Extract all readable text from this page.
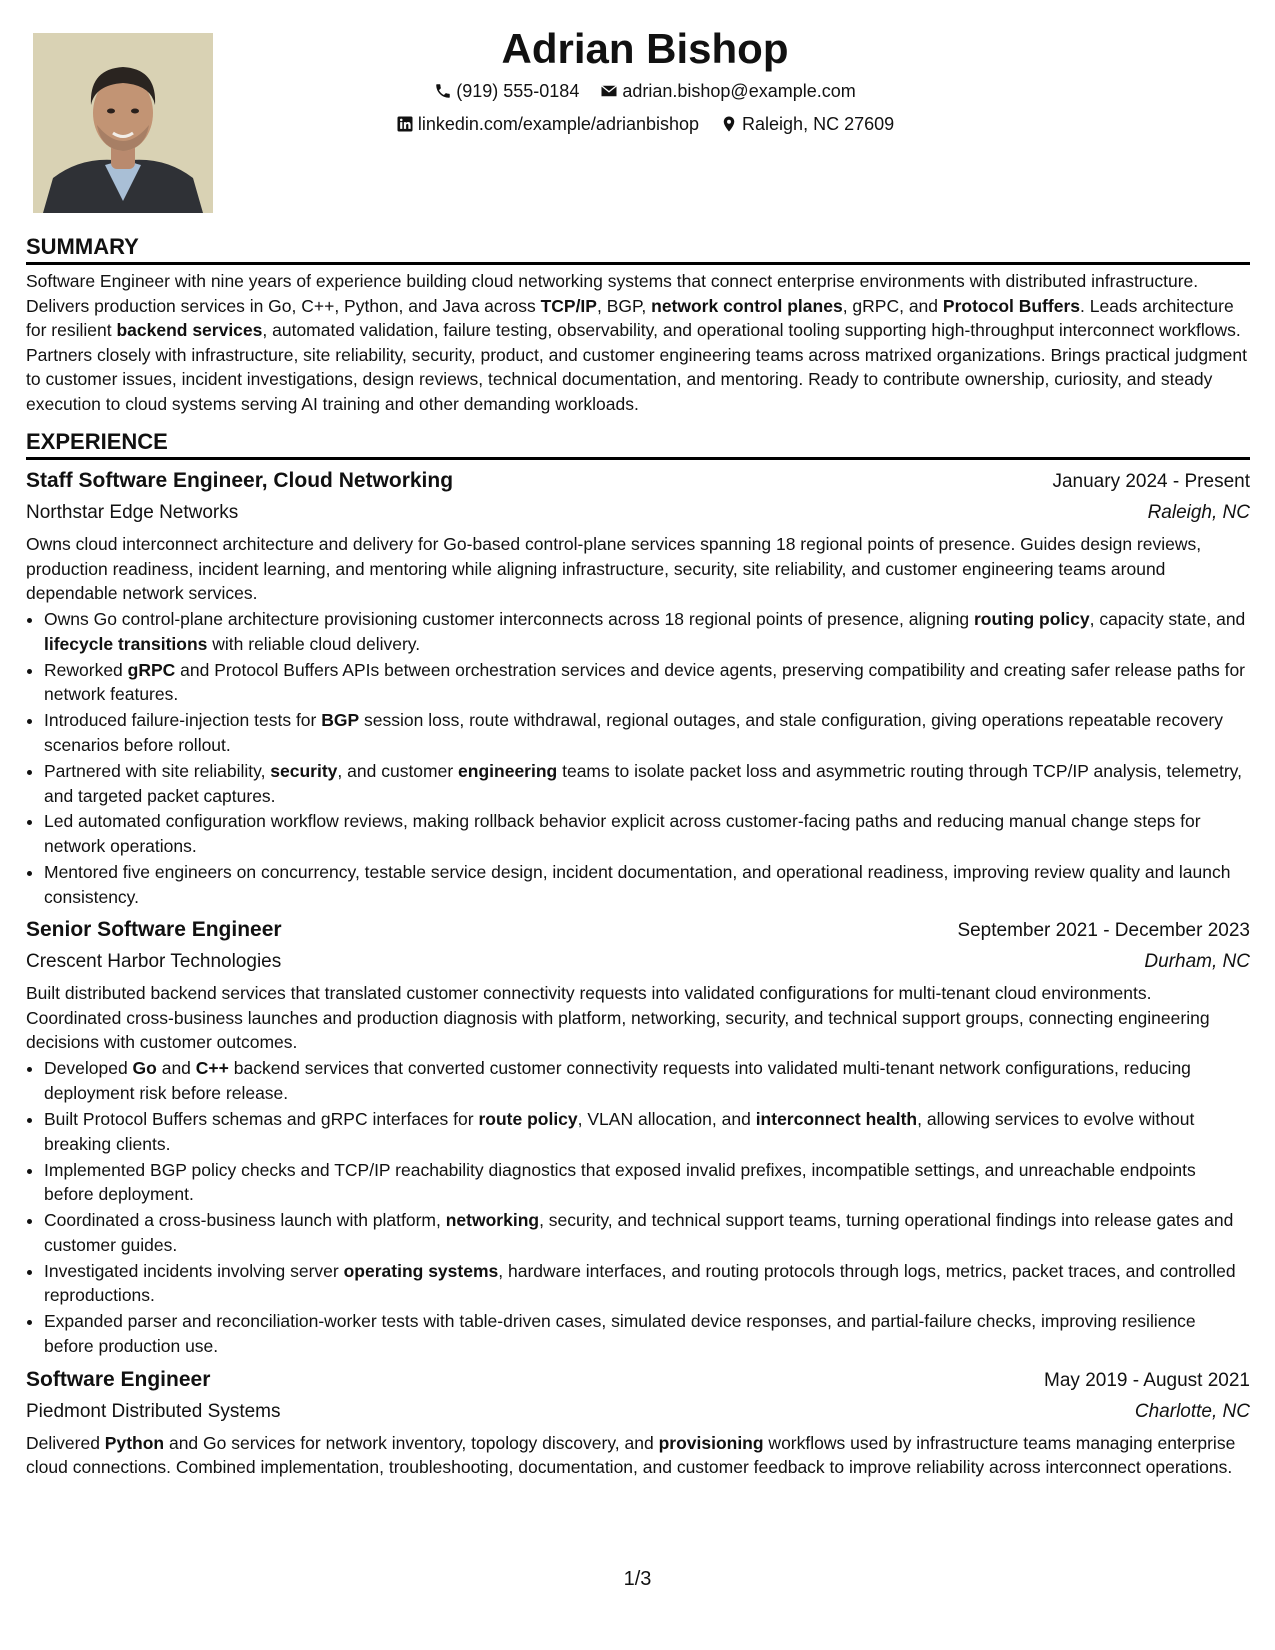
Adrian Bishop
(919) 555-0184
adrian.bishop@example.com
linkedin.com/example/adrianbishop
Raleigh, NC 27609
SUMMARY

Software Engineer with nine years of experience building cloud networking systems that connect enterprise environments with distributed infrastructure. Delivers production services in Go, C++, Python, and Java across TCP/IP, BGP, network control planes, gRPC, and Protocol Buffers. Leads architecture for resilient backend services, automated validation, failure testing, observability, and operational tooling supporting high-throughput interconnect workflows. Partners closely with infrastructure, site reliability, security, product, and customer engineering teams across matrixed organizations. Brings practical judgment to customer issues, incident investigations, design reviews, technical documentation, and mentoring. Ready to contribute ownership, curiosity, and steady execution to cloud systems serving AI training and other demanding workloads.

EXPERIENCE
Staff Software Engineer, Cloud Networking	January 2024 - Present
Northstar Edge Networks	Raleigh, NC

Owns cloud interconnect architecture and delivery for Go-based control-plane services spanning 18 regional points of presence. Guides design reviews, production readiness, incident learning, and mentoring while aligning infrastructure, security, site reliability, and customer engineering teams around dependable network services.

• Owns Go control-plane architecture provisioning customer interconnects across 18 regional points of presence, aligning routing policy, capacity state, and lifecycle transitions with reliable cloud delivery.
• Reworked gRPC and Protocol Buffers APIs between orchestration services and device agents, preserving compatibility and creating safer release paths for network features.
• Introduced failure-injection tests for BGP session loss, route withdrawal, regional outages, and stale configuration, giving operations repeatable recovery scenarios before rollout.
• Partnered with site reliability, security, and customer engineering teams to isolate packet loss and asymmetric routing through TCP/IP analysis, telemetry, and targeted packet captures.
• Led automated configuration workflow reviews, making rollback behavior explicit across customer-facing paths and reducing manual change steps for network operations.
• Mentored five engineers on concurrency, testable service design, incident documentation, and operational readiness, improving review quality and launch consistency.
Senior Software Engineer	September 2021 - December 2023
Crescent Harbor Technologies	Durham, NC

Built distributed backend services that translated customer connectivity requests into validated configurations for multi-tenant cloud environments. Coordinated cross-business launches and production diagnosis with platform, networking, security, and technical support groups, connecting engineering decisions with customer outcomes.

• Developed Go and C++ backend services that converted customer connectivity requests into validated multi-tenant network configurations, reducing deployment risk before release.
• Built Protocol Buffers schemas and gRPC interfaces for route policy, VLAN allocation, and interconnect health, allowing services to evolve without breaking clients.
• Implemented BGP policy checks and TCP/IP reachability diagnostics that exposed invalid prefixes, incompatible settings, and unreachable endpoints before deployment.
• Coordinated a cross-business launch with platform, networking, security, and technical support teams, turning operational findings into release gates and customer guides.
• Investigated incidents involving server operating systems, hardware interfaces, and routing protocols through logs, metrics, packet traces, and controlled reproductions.
• Expanded parser and reconciliation-worker tests with table-driven cases, simulated device responses, and partial-failure checks, improving resilience before production use.
Software Engineer	May 2019 - August 2021
Piedmont Distributed Systems	Charlotte, NC

Delivered Python and Go services for network inventory, topology discovery, and provisioning workflows used by infrastructure teams managing enterprise cloud connections. Combined implementation, troubleshooting, documentation, and customer feedback to improve reliability across interconnect operations.

1/3
